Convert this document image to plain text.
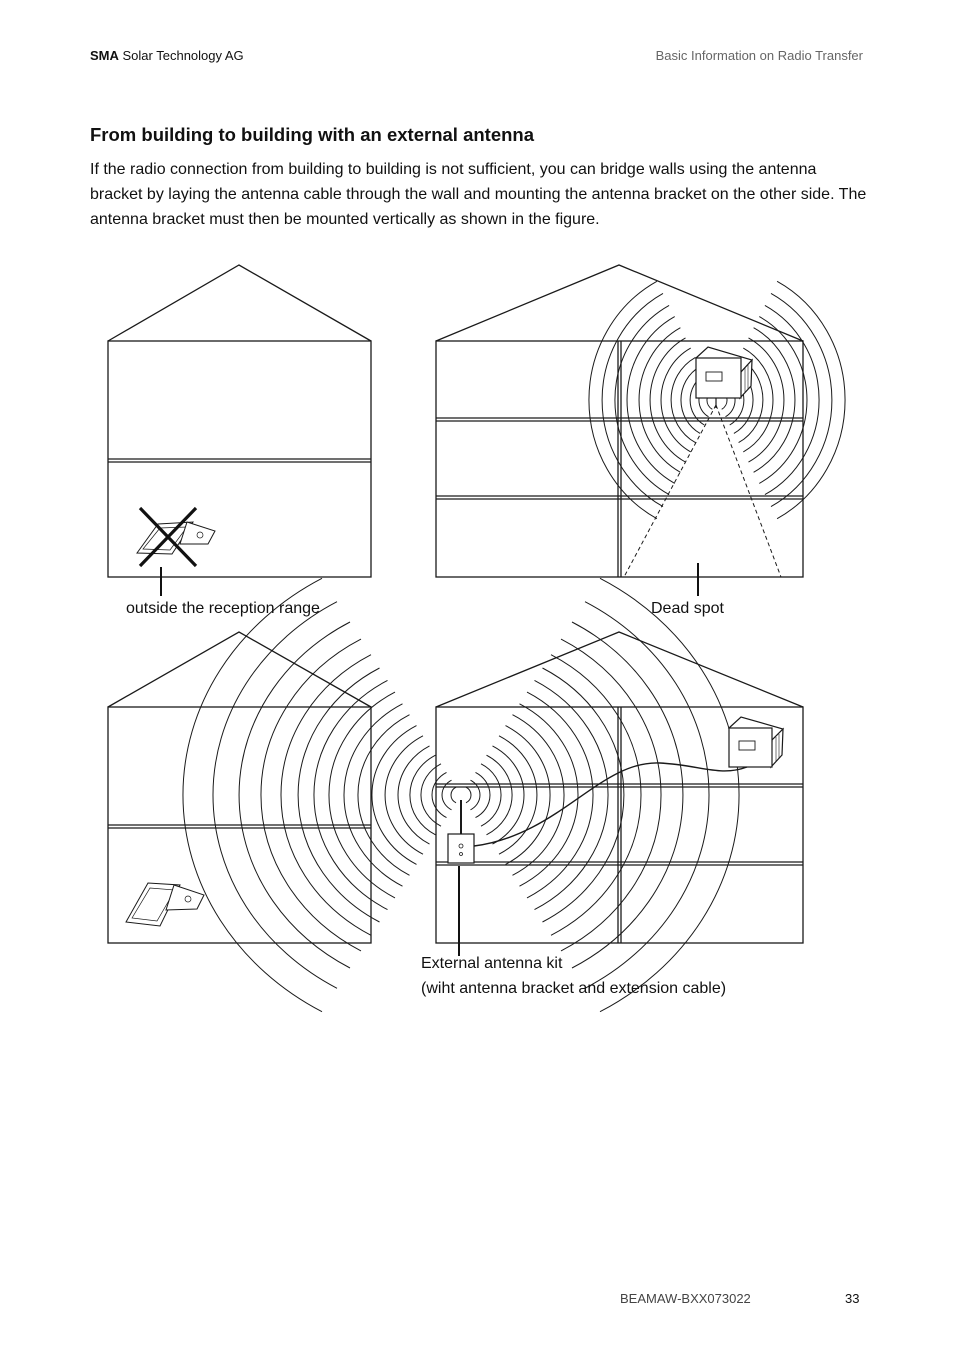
SMA Solar Technology AG	Basic Information on Radio Transfer
From building to building with an external antenna

If the radio connection from building to building is not sufficient, you can bridge walls using the antenna bracket by laying the antenna cable through the wall and mounting the antenna bracket on the other side. The antenna bracket must then be mounted vertically as shown in the figure.

outside the reception range	Dead spot
External antenna kit
(wiht antenna bracket and extension cable)
BEAMAW-BXX073022	33
